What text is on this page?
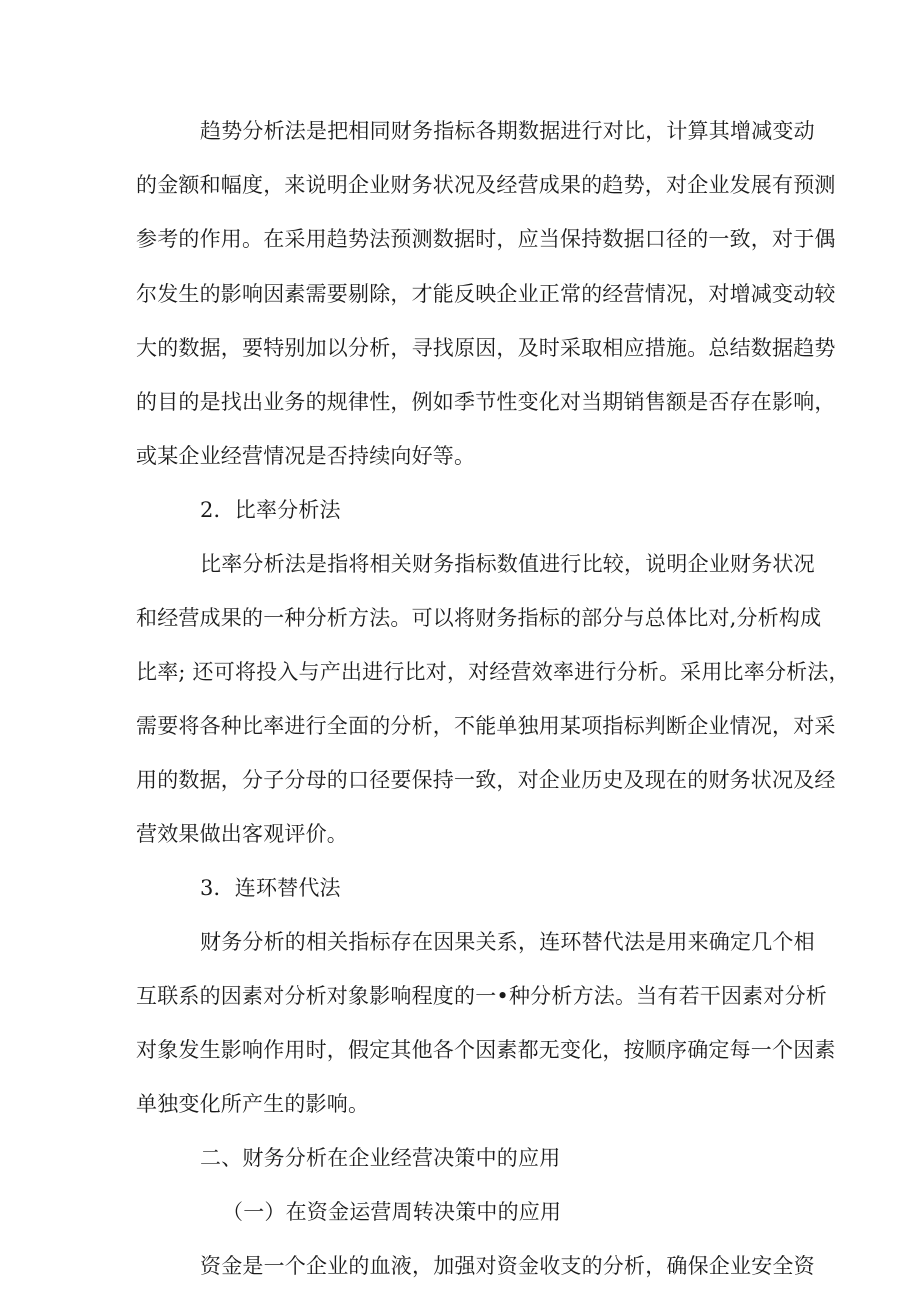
趋势分析法是把相同财务指标各期数据进行对比，计算其增减变动
的金额和幅度，来说明企业财务状况及经营成果的趋势，对企业发展有预测
参考的作用。在采用趋势法预测数据时，应当保持数据口径的一致，对于偶
尔发生的影响因素需要剔除，才能反映企业正常的经营情况，对增减变动较
大的数据，要特别加以分析，寻找原因，及时采取相应措施。总结数据趋势
的目的是找出业务的规律性，例如季节性变化对当期销售额是否存在影响，
或某企业经营情况是否持续向好等。
2．比率分析法
比率分析法是指将相关财务指标数值进行比较，说明企业财务状况
和经营成果的一种分析方法。可以将财务指标的部分与总体比对,分析构成
比率; 还可将投入与产出进行比对，对经营效率进行分析。采用比率分析法，
需要将各种比率进行全面的分析，不能单独用某项指标判断企业情况，对采
用的数据，分子分母的口径要保持一致，对企业历史及现在的财务状况及经
营效果做出客观评价。
3．连环替代法
财务分析的相关指标存在因果关系，连环替代法是用来确定几个相
互联系的因素对分析对象影响程度的一•种分析方法。当有若干因素对分析
对象发生影响作用时，假定其他各个因素都无变化，按顺序确定每一个因素
单独变化所产生的影响。
二、财务分析在企业经营决策中的应用
（一）在资金运营周转决策中的应用
资金是一个企业的血液，加强对资金收支的分析，确保企业安全资
